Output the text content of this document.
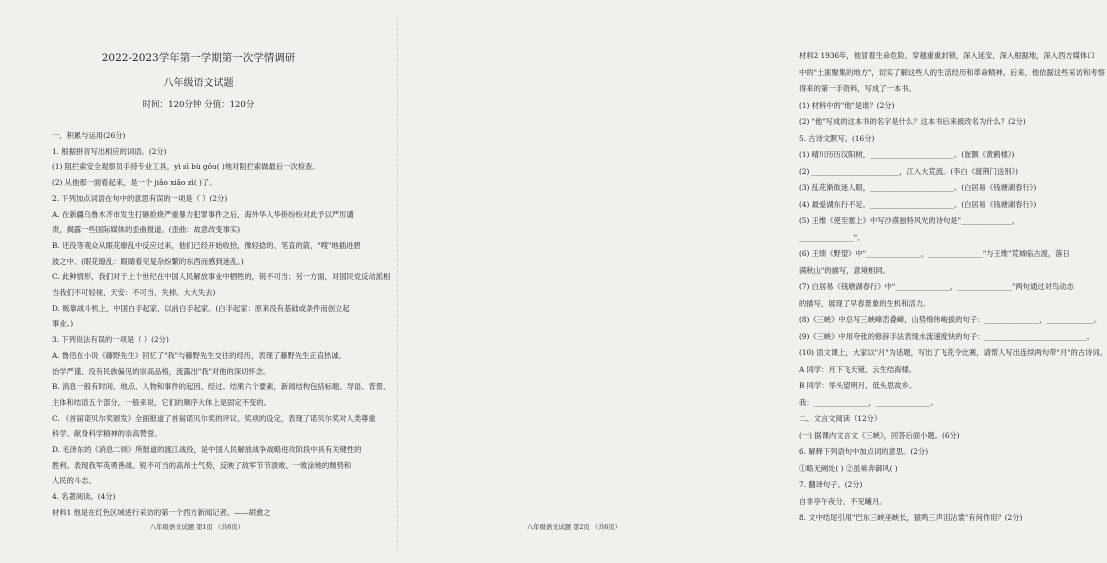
2022-2023学年第一学期第一次学情调研
八年级语文试题
时间：120分钟 分值：120分
一、积累与运用(26分)
1. 根据拼音写出相应的词语。(2分)
(1) 阻拦索安全观察员手持专业工具，yì sī bù gǒu( )地对阻拦索做最后一次检查。
(2) 从他那一面看起来，是一个 jiǎo xiǎo zì( )了。
2. 下列加点词语在句中的意思有误的一项是（ ）(2分)
A. 在新疆乌鲁木齐市发生打砸抢烧严重暴力犯罪事件之后，海外华人华侨纷纷对此予以严厉谴
责，揭露一些国际媒体的歪曲报道。(歪曲：故意改变事实)
B. 还没等观众从眼花缭乱中反应过来，他们已经开始收拾，像轻捻的、笔直的箭，"嗖"地插进碧
波之中。(眼花缭乱：眼睛看见复杂纷繁的东西而感到迷乱。)
C. 此种情形，我们对于上个世纪在中国人民解放事业中牺牲的，锐不可当；另一方面，对国民党反动派相
当我们不可轻视，天安：不可当，失掉。大大失去)
D. 贩靠战斗机上，中国白手起家，以前白手起家。(白手起家：原来没有基础或条件而创立起
事业。)
3. 下列说法有误的一项是（ ）(2分)
A. 鲁迅在小说《藤野先生》回忆了"我"与藤野先生交往的经历，表现了藤野先生正直热诚、
治学严谨、没有民族偏见的崇高品格，流露出"我"对他的深切怀念。
B. 消息一般有时间、地点、人物和事件的起因、经过、结果六个要素，新闻结构包括标题、导语、背景、
主体和结语五个部分，一般来说，它们的顺序大体上是固定不变的。
C. 《首届诺贝尔奖颁发》全面报道了首届诺贝尔奖的评议、奖项的设定，表现了诺贝尔奖对人类尊重
科学、献身科学精神的崇高赞誉。
D. 毛泽东的《消息二则》所报道的渡江战役，是中国人民解放战争战略进攻阶段中具有关键性的
胜利。表现我军英勇善战、锐不可当的高昂士气势，反映了敌军节节溃败、一败涂地的颓势和
人民的斗志。
4. 名著阅读。(4分)
材料1 他是在红色区域进行采访的第一个西方新闻记者。——胡愈之
八年级语文试题 第1页 （共6页）
材料2 1936年，他冒着生命危险，穿越重重封锁，深入延安，深入根据地，深入西方媒体口
中的"土匪聚集的地方"，切实了解这些人的生活经历和革命精神。后来，他依据这些采访和考察
得来的第一手资料，写成了一本书。
(1) 材料中的"他"是谁？(2分)
(2) "他"写成的这本书的名字是什么？这本书后来被改名为什么？(2分)
5. 古诗文默写。(16分)
(1) 晴川历历汉阳树，_______________________。(崔颢《黄鹤楼》)
(2) ________________________，江入大荒流。(李白《渡荆门送别》)
(3) 乱花渐欲迷人眼，_______________________。(白居易《钱塘湖春行》)
(4) 最爱湖东行不足，_______________________。(白居易《钱塘湖春行》)
(5) 王维《使至塞上》中写沙漠独特风光的诗句是"______________，
_______________"。
(6) 王绩《野望》中"_______________，_______________"与王维"荒城临古渡，落日
满秋山"的描写，意境相同。
(7) 白居易《钱塘湖春行》中"_______________，_______________"两句通过对鸟动态
的描写，展现了早春景象的生机和活力。
(8)《三峡》中总写三峡峰峦叠嶂，山势绵伟峻拔的句子：_______________，_____________。
(9)《三峡》中用夸张的修辞手法表现水流速度快的句子：____________________________。
(10) 语文课上，大家以"月"为话题，写出了飞花令比赛，请帮人写出连续两句带"月"的古诗词。
A 同学：月下飞天镜，云生结海楼。
B 同学：举头望明月，低头思故乡。
我：_______________，_______________。
二、文言文阅读（12分）
(一) 据课内文言文《三峡》，回答后面小题。(6分)
6. 解释下列语句中加点词的意思。(2分)
①略无阙处( ) ②虽乘奔御风( )
7. 翻译句子。(2分)
自非亭午夜分，不见曦月。
8. 文中结尾引用"巴东三峡巫峡长，猿鸣三声泪沾裳"有何作用？(2分)
八年级语文试题 第2页 （共6页）
